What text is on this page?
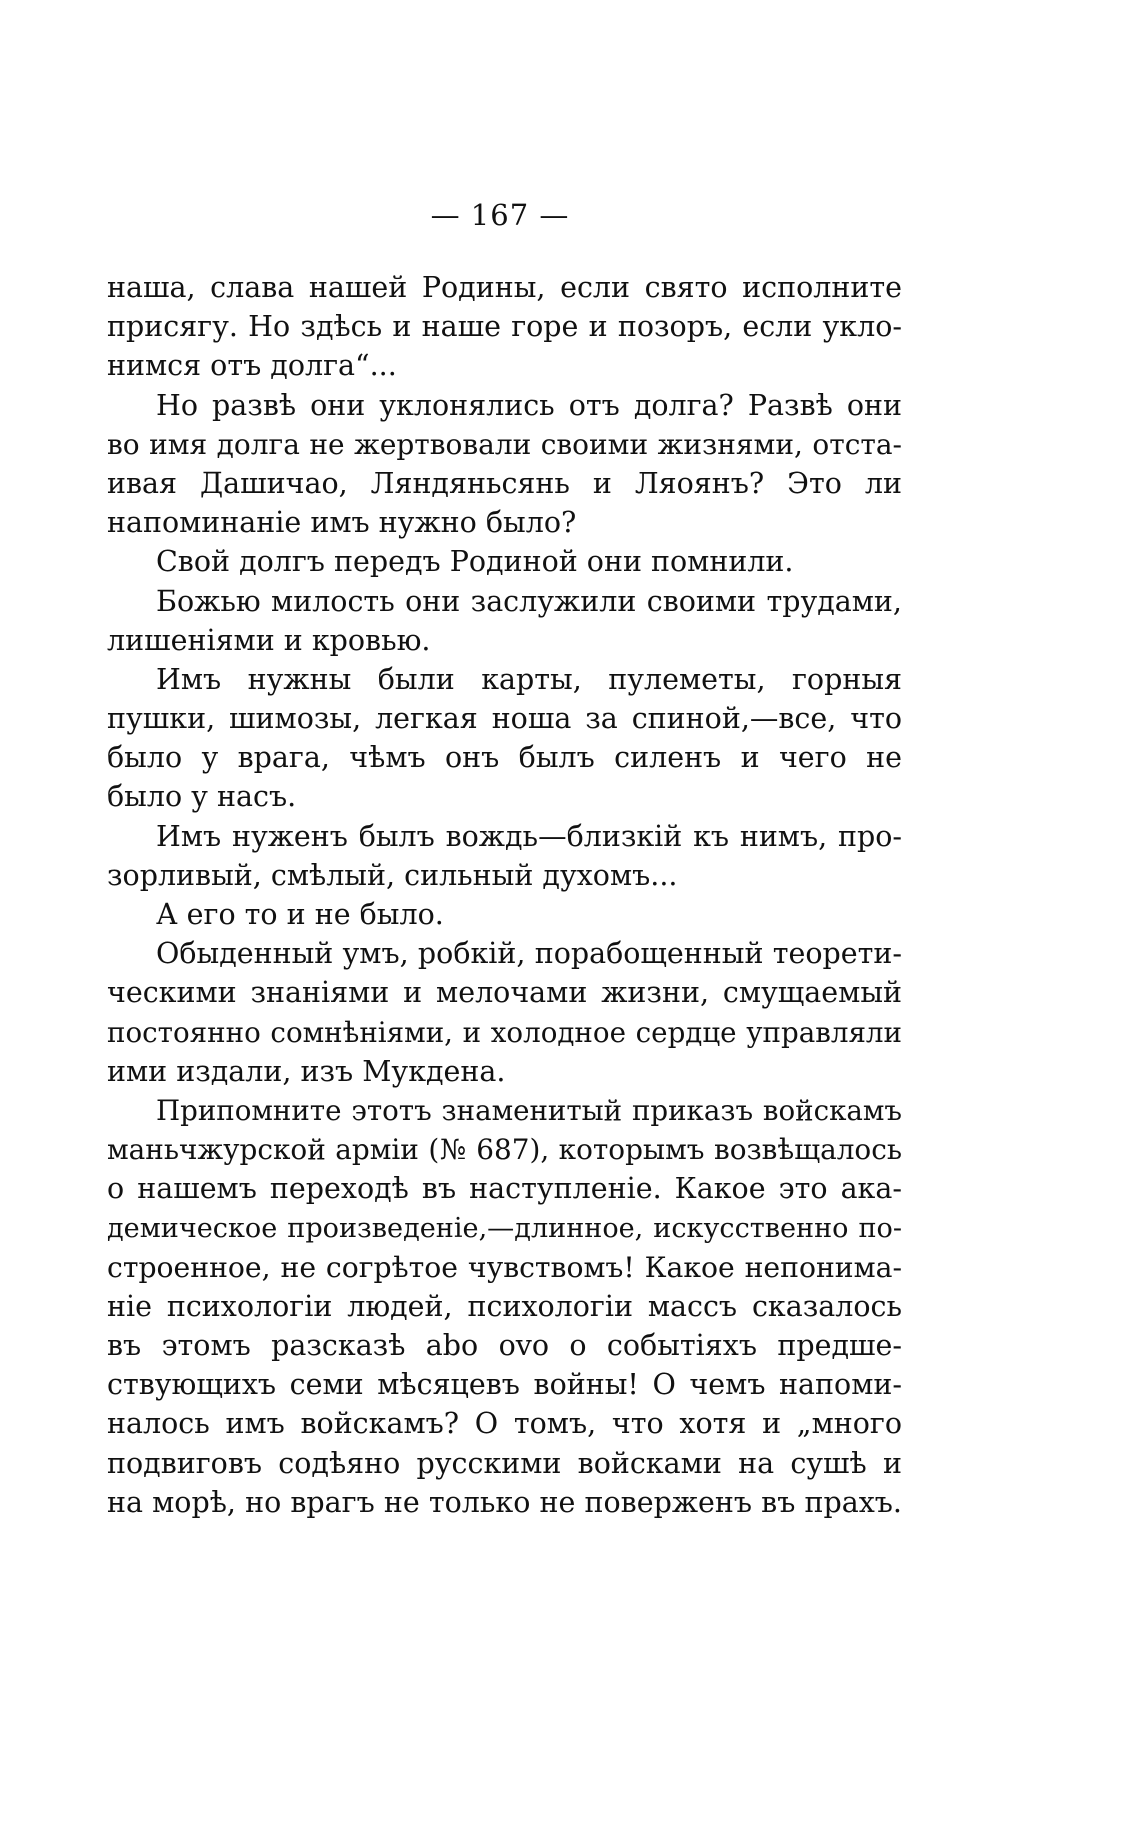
— 167 —
наша, слава нашей Родины, если свято исполните
присягу. Но здѣсь и наше горе и позоръ, если укло-
нимся отъ долга“...
Но развѣ они уклонялись отъ долга? Развѣ они
во имя долга не жертвовали своими жизнями, отста-
ивая Дашичао, Ляндяньсянь и Ляоянъ? Это ли
напоминаніе имъ нужно было?
Свой долгъ передъ Родиной они помнили.
Божью милость они заслужили своими трудами,
лишеніями и кровью.
Имъ нужны были карты, пулеметы, горныя
пушки, шимозы, легкая ноша за спиной,—все, что
было у врага, чѣмъ онъ былъ силенъ и чего не
было у насъ.
Имъ нуженъ былъ вождь—близкій къ нимъ, про-
зорливый, смѣлый, сильный духомъ...
А его то и не было.
Обыденный умъ, робкій, порабощенный теорети-
ческими знаніями и мелочами жизни, смущаемый
постоянно сомнѣніями, и холодное сердце управляли
ими издали, изъ Мукдена.
Припомните этотъ знаменитый приказъ войскамъ
маньчжурской арміи (№ 687), которымъ возвѣщалось
о нашемъ переходѣ въ наступленіе. Какое это ака-
демическое произведеніе,—длинное, искусственно по-
строенное, не согрѣтое чувствомъ! Какое непонима-
ніе психологіи людей, психологіи массъ сказалось
въ этомъ разсказѣ abo ovo о событіяхъ предше-
ствующихъ семи мѣсяцевъ войны! О чемъ напоми-
налось имъ войскамъ? О томъ, что хотя и „много
подвиговъ содѣяно русскими войсками на сушѣ и
на морѣ, но врагъ не только не поверженъ въ прахъ.
